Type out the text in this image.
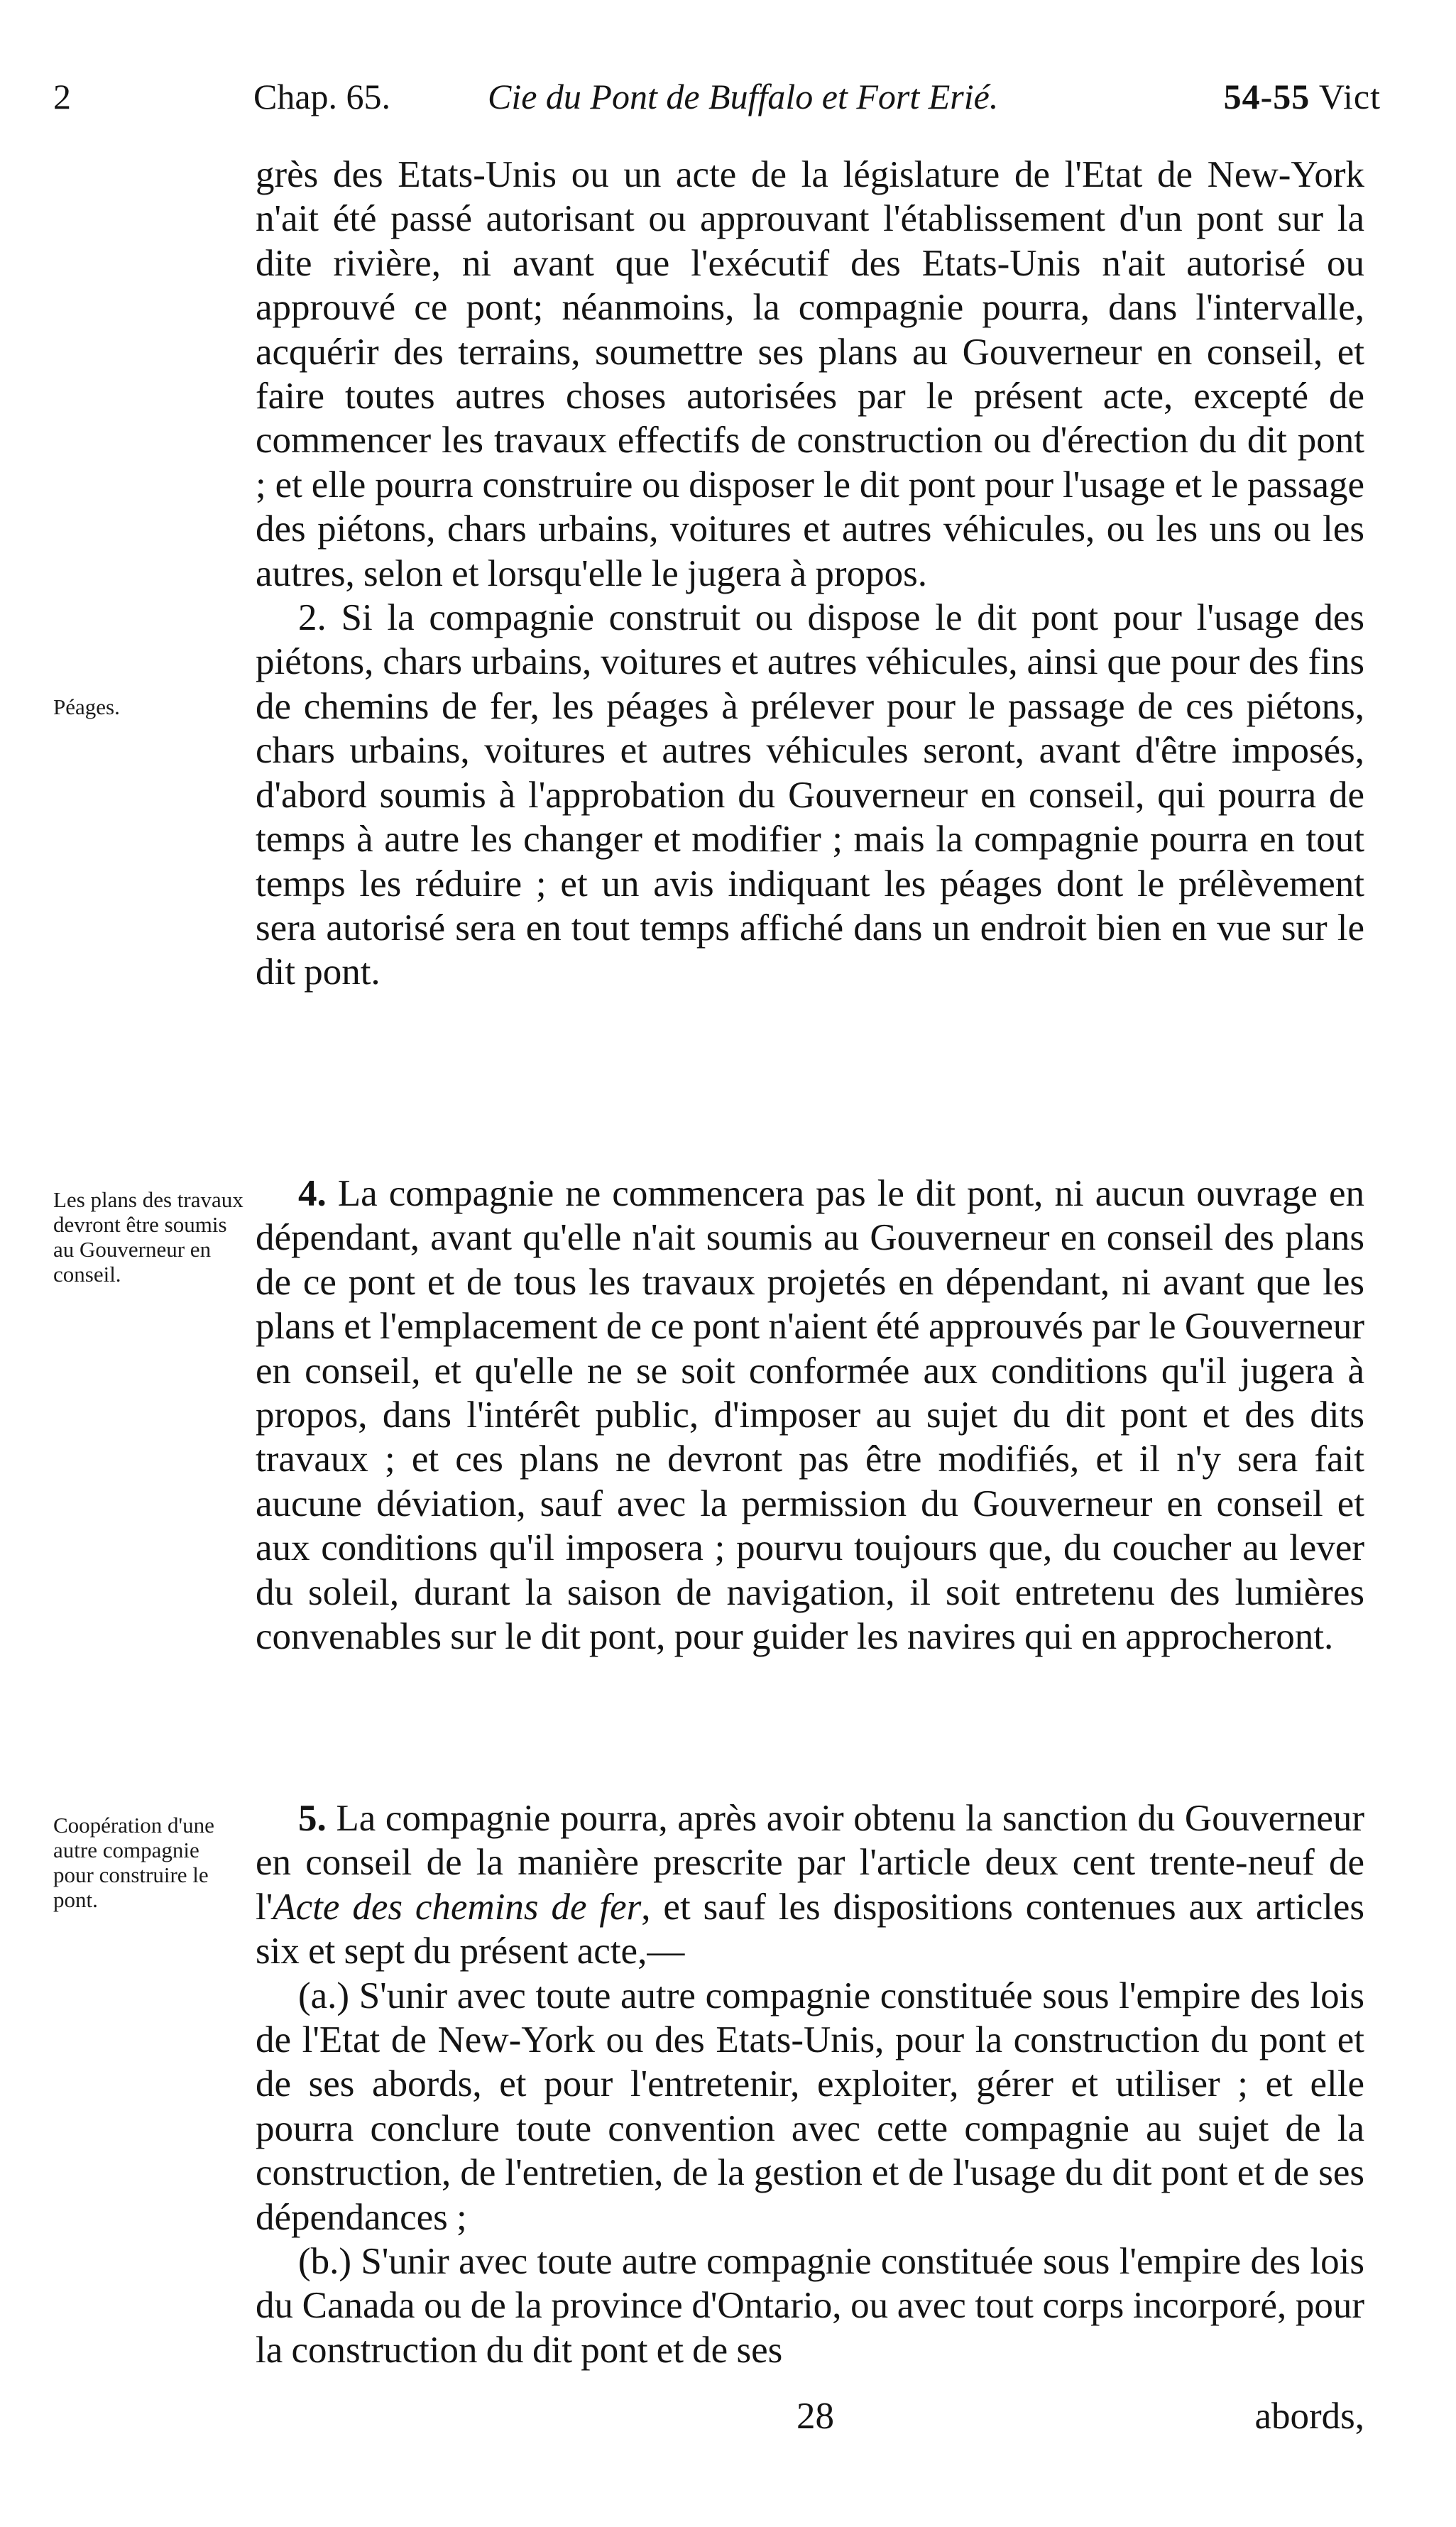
2	Chap. 65.	Cie du Pont de Buffalo et Fort Erié.	54-55 Vict
Péages.
Les plans des travaux devront être soumis au Gouverneur en conseil.
Coopération d'une autre compagnie pour construire le pont.

grès des Etats-Unis ou un acte de la législature de l'Etat de New-York n'ait été passé autorisant ou approuvant l'établissement d'un pont sur la dite rivière, ni avant que l'exécutif des Etats-Unis n'ait autorisé ou approuvé ce pont; néanmoins, la compagnie pourra, dans l'intervalle, acquérir des terrains, soumettre ses plans au Gouverneur en conseil, et faire toutes autres choses autorisées par le présent acte, excepté de commencer les travaux effectifs de construction ou d'érection du dit pont ; et elle pourra construire ou disposer le dit pont pour l'usage et le passage des piétons, chars urbains, voitures et autres véhicules, ou les uns ou les autres, selon et lorsqu'elle le jugera à propos.

2. Si la compagnie construit ou dispose le dit pont pour l'usage des piétons, chars urbains, voitures et autres véhicules, ainsi que pour des fins de chemins de fer, les péages à prélever pour le passage de ces piétons, chars urbains, voitures et autres véhicules seront, avant d'être imposés, d'abord soumis à l'approbation du Gouverneur en conseil, qui pourra de temps à autre les changer et modifier ; mais la compagnie pourra en tout temps les réduire ; et un avis indiquant les péages dont le prélèvement sera autorisé sera en tout temps affiché dans un endroit bien en vue sur le dit pont.

4. La compagnie ne commencera pas le dit pont, ni aucun ouvrage en dépendant, avant qu'elle n'ait soumis au Gouverneur en conseil des plans de ce pont et de tous les travaux projetés en dépendant, ni avant que les plans et l'emplacement de ce pont n'aient été approuvés par le Gouverneur en conseil, et qu'elle ne se soit conformée aux conditions qu'il jugera à propos, dans l'intérêt public, d'imposer au sujet du dit pont et des dits travaux ; et ces plans ne devront pas être modifiés, et il n'y sera fait aucune déviation, sauf avec la permission du Gouverneur en conseil et aux conditions qu'il imposera ; pourvu toujours que, du coucher au lever du soleil, durant la saison de navigation, il soit entretenu des lumières convenables sur le dit pont, pour guider les navires qui en approcheront.

5. La compagnie pourra, après avoir obtenu la sanction du Gouverneur en conseil de la manière prescrite par l'article deux cent trente-neuf de l'Acte des chemins de fer, et sauf les dispositions contenues aux articles six et sept du présent acte,—

(a.) S'unir avec toute autre compagnie constituée sous l'empire des lois de l'Etat de New-York ou des Etats-Unis, pour la construction du pont et de ses abords, et pour l'entretenir, exploiter, gérer et utiliser ; et elle pourra conclure toute convention avec cette compagnie au sujet de la construction, de l'entretien, de la gestion et de l'usage du dit pont et de ses dépendances ;

(b.) S'unir avec toute autre compagnie constituée sous l'empire des lois du Canada ou de la province d'Ontario, ou avec tout corps incorporé, pour la construction du dit pont et de ses

28	abords,
